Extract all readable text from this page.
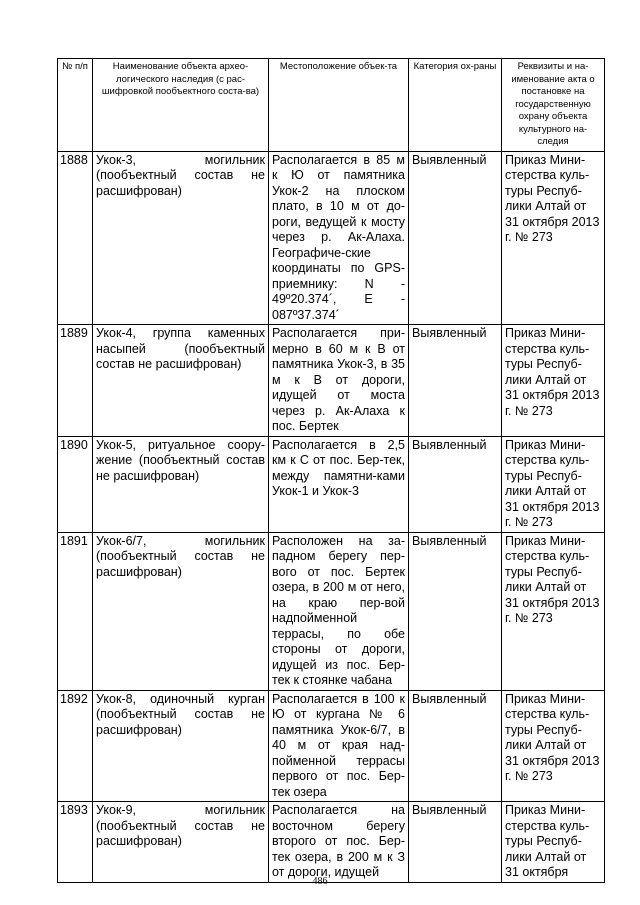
№ п/п	Наименование объекта архео-логического наследия (с рас-шифровкой пообъектного соста-ва)	Местоположение объек-та	Категория ох-раны	Реквизиты и на-именование акта о постановке на государственную охрану объекта культурного на-следия
1888	Укок-3, могильник (пообъектный состав не расшифрован)	Располагается в 85 м к Ю от памятника Укок-2 на плоском плато, в 10 м от до-роги, ведущей к мосту через р. Ак-Алаха. Географиче-ские координаты по GPS-приемнику: N - 49º20.374´, E - 087º37.374´	Выявленный	Приказ Мини-стерства куль-туры Респуб-лики Алтай от 31 октября 2013 г. № 273
1889	Укок-4, группа каменных насыпей (пообъектный состав не расшифрован)	Располагается при-мерно в 60 м к В от памятника Укок-3, в 35 м к В от дороги, идущей от моста через р. Ак-Алаха к пос. Бертек	Выявленный	Приказ Мини-стерства куль-туры Респуб-лики Алтай от 31 октября 2013 г. № 273
1890	Укок-5, ритуальное соору-жение (пообъектный состав не расшифрован)	Располагается в 2,5 км к С от пос. Бер-тек, между памятни-ками Укок-1 и Укок-3	Выявленный	Приказ Мини-стерства куль-туры Респуб-лики Алтай от 31 октября 2013 г. № 273
1891	Укок-6/7, могильник (пообъектный состав не расшифрован)	Расположен на за-падном берегу пер-вого от пос. Бертек озера, в 200 м от него, на краю пер-вой надпойменной террасы, по обе стороны от дороги, идущей из пос. Бер-тек к стоянке чабана	Выявленный	Приказ Мини-стерства куль-туры Респуб-лики Алтай от 31 октября 2013 г. № 273
1892	Укок-8, одиночный курган (пообъектный состав не расшифрован)	Располагается в 100 к Ю от кургана № 6 памятника Укок-6/7, в 40 м от края над-пойменной террасы первого от пос. Бер-тек озера	Выявленный	Приказ Мини-стерства куль-туры Респуб-лики Алтай от 31 октября 2013 г. № 273
1893	Укок-9, могильник (пообъектный состав не расшифрован)	Располагается на восточном берегу второго от пос. Бер-тек озера, в 200 м к З от дороги, идущей	Выявленный	Приказ Мини-стерства куль-туры Респуб-лики Алтай от 31 октября
486
